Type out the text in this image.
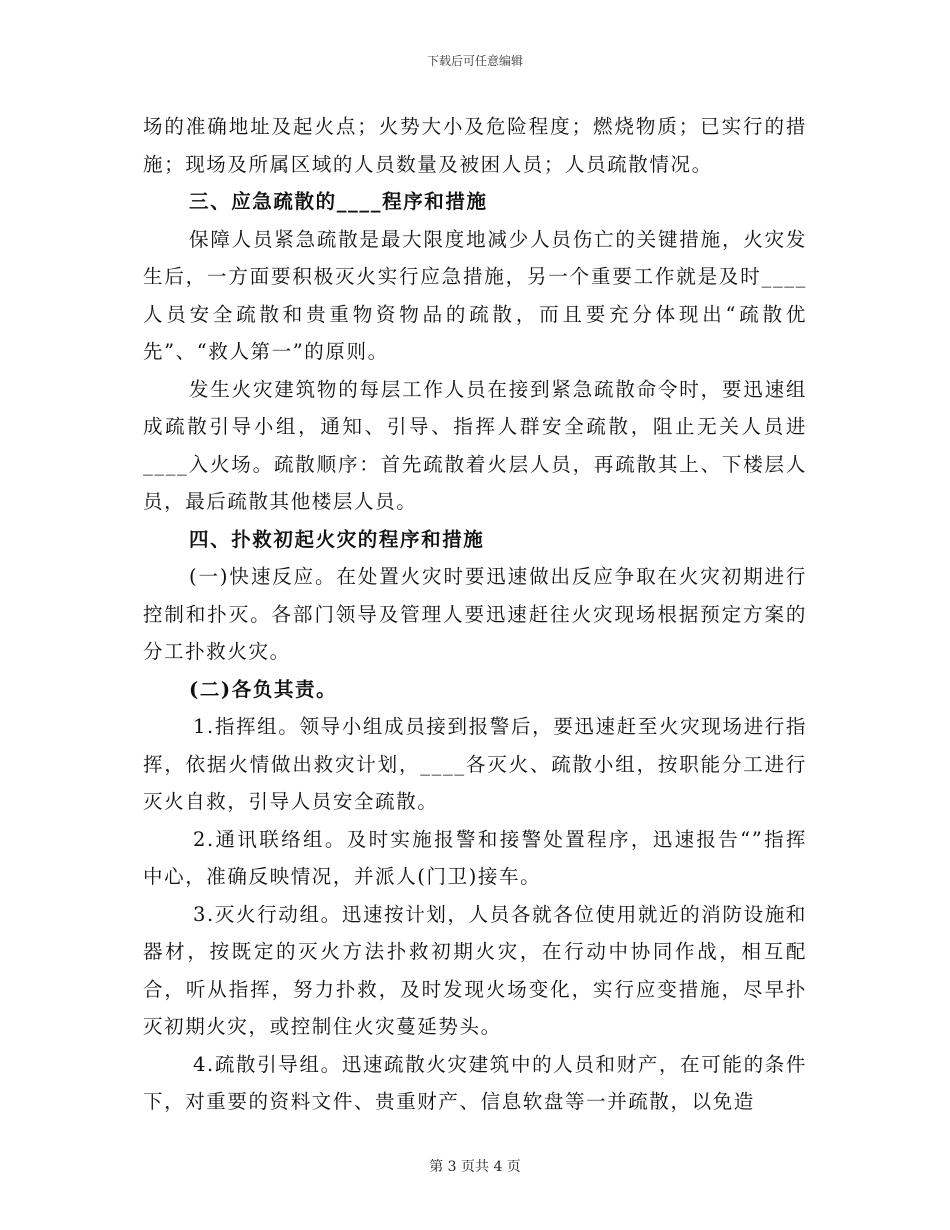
下载后可任意编辑

场的准确地址及起火点；火势大小及危险程度；燃烧物质；已实行的措施；现场及所属区域的人员数量及被困人员；人员疏散情况。

三、应急疏散的____程序和措施

保障人员紧急疏散是最大限度地减少人员伤亡的关键措施，火灾发生后，一方面要积极灭火实行应急措施，另一个重要工作就是及时____人员安全疏散和贵重物资物品的疏散，而且要充分体现出“疏散优先”、“救人第一”的原则。

发生火灾建筑物的每层工作人员在接到紧急疏散命令时，要迅速组成疏散引导小组，通知、引导、指挥人群安全疏散，阻止无关人员进____入火场。疏散顺序：首先疏散着火层人员，再疏散其上、下楼层人员，最后疏散其他楼层人员。

四、扑救初起火灾的程序和措施

(一)快速反应。在处置火灾时要迅速做出反应争取在火灾初期进行控制和扑灭。各部门领导及管理人要迅速赶往火灾现场根据预定方案的分工扑救火灾。

(二)各负其责。

1.指挥组。领导小组成员接到报警后，要迅速赶至火灾现场进行指挥，依据火情做出救灾计划，____各灭火、疏散小组，按职能分工进行灭火自救，引导人员安全疏散。

2.通讯联络组。及时实施报警和接警处置程序，迅速报告“”指挥中心，准确反映情况，并派人(门卫)接车。

3.灭火行动组。迅速按计划，人员各就各位使用就近的消防设施和器材，按既定的灭火方法扑救初期火灾，在行动中协同作战，相互配合，听从指挥，努力扑救，及时发现火场变化，实行应变措施，尽早扑灭初期火灾，或控制住火灾蔓延势头。

4.疏散引导组。迅速疏散火灾建筑中的人员和财产，在可能的条件下，对重要的资料文件、贵重财产、信息软盘等一并疏散，以免造

第 3 页共 4 页
